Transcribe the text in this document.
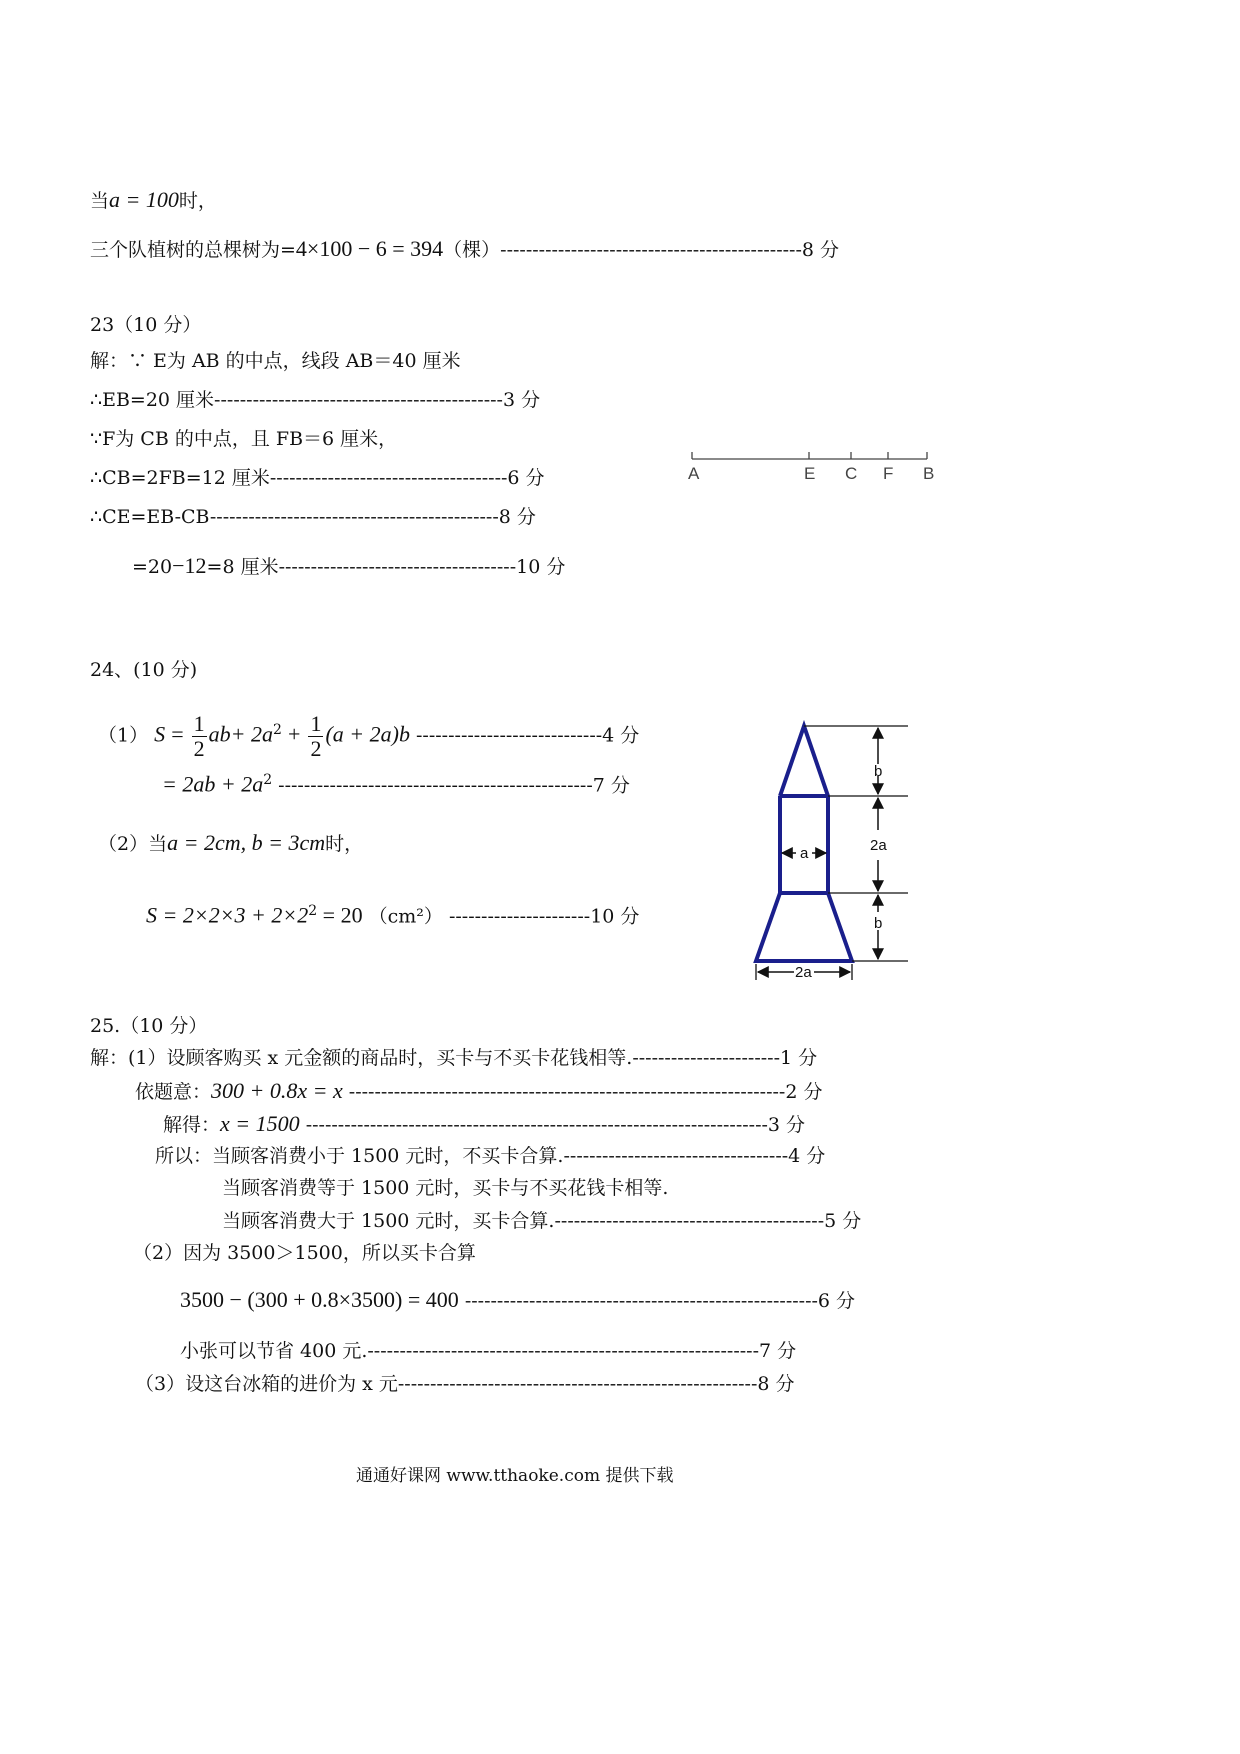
当a = 100时，
三个队植树的总棵树为=4×100 − 6 = 394（棵）-----------------------------------------------8 分
23（10 分）
解：∵ E为 AB 的中点，线段 AB＝40 厘米
∴EB=20 厘米---------------------------------------------3 分
∵F为 CB 的中点，且 FB＝6 厘米，
∴CB=2FB=12 厘米-------------------------------------6 分
∴CE=EB-CB---------------------------------------------8 分
=20−12=8 厘米-------------------------------------10 分
A	E C F B
24、(10 分)
（1） $S = \frac{1}{2} ab+ 2a^2 + \frac{1}{2} (a + 2a)b$ -----------------------------4 分
= $2ab + 2a^2$ -------------------------------------------------7 分
（2）当a = 2cm, b = 3cm时，
$S = 2\times 2\times 3 + 2\times 2^2 = 20$ （cm²） ----------------------10 分
b
2a
a
b
2a
25.（10 分）
解：(1）设顾客购买 x 元金额的商品时，买卡与不买卡花钱相等.-----------------------1 分
依题意：300 + 0.8x = x --------------------------------------------------------------------2 分
解得：x = 1500 ------------------------------------------------------------------------3 分
所以：当顾客消费小于 1500 元时，不买卡合算.-----------------------------------4 分
当顾客消费等于 1500 元时，买卡与不买花钱卡相等.
当顾客消费大于 1500 元时，买卡合算.------------------------------------------5 分
（2）因为 3500＞1500，所以买卡合算
3500 − (300 + 0.8×3500) = 400 -------------------------------------------------------6 分
小张可以节省 400 元.-------------------------------------------------------------7 分
（3）设这台冰箱的进价为 x 元--------------------------------------------------------8 分
通通好课网 www.tthaoke.com 提供下载
